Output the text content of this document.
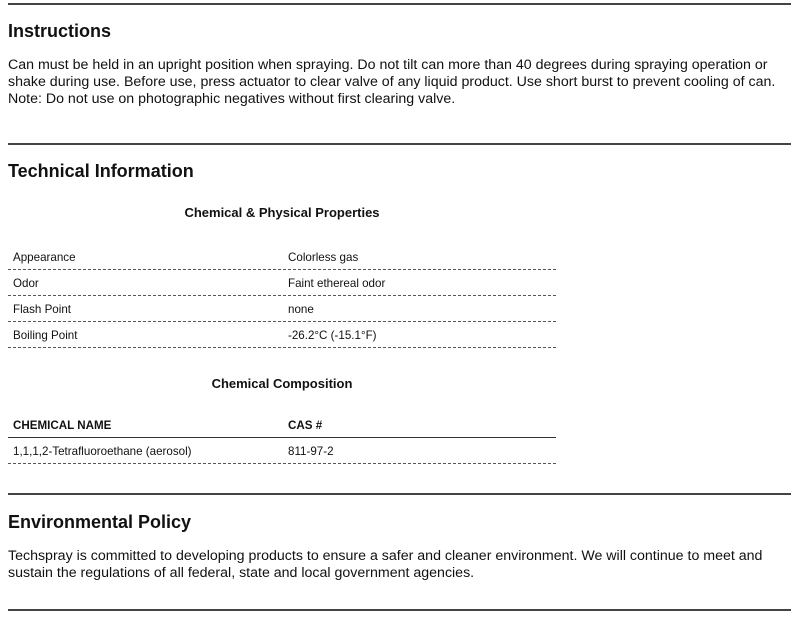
Instructions

Can must be held in an upright position when spraying. Do not tilt can more than 40 degrees during spraying operation or shake during use. Before use, press actuator to clear valve of any liquid product. Use short burst to prevent cooling of can. Note: Do not use on photographic negatives without first clearing valve.

Technical Information
Chemical & Physical Properties
Appearance	Colorless gas
Odor	Faint ethereal odor
Flash Point	none
Boiling Point	-26.2°C (-15.1°F)
Chemical Composition
CHEMICAL NAME	CAS #
1,1,1,2-Tetrafluoroethane (aerosol)	811-97-2
Environmental Policy

Techspray is committed to developing products to ensure a safer and cleaner environment. We will continue to meet and sustain the regulations of all federal, state and local government agencies.
